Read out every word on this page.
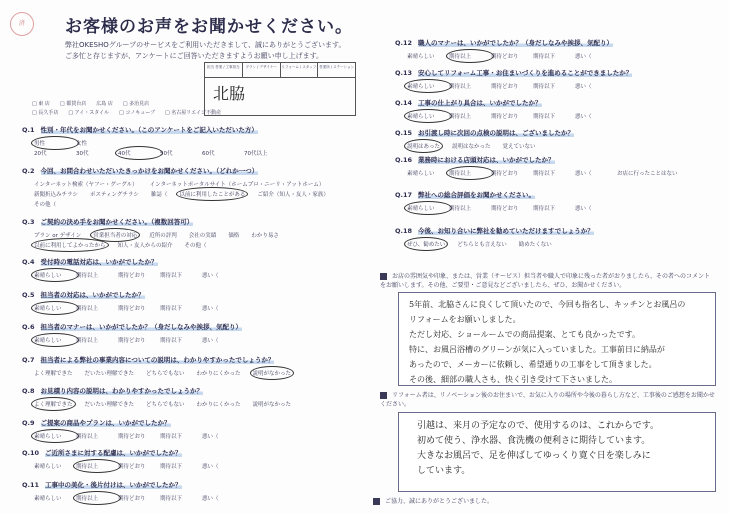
済	お客様のお声をお聞かせください。
弊社OKESHOグループのサービスをご利用いただきまして、誠にありがとうございます。
ご多忙と存じますが、アンケートにご回答いただきますようお願い申し上げます。
担当 営業 / 工事担当	プラン / デザイナー	リフォーム / スタッフ 営業所 / ステーション
北脇
□ 東 店 □ 都賀台店 広島 店 □ 多治見店
□ 長久手店 □ アイ・スタイル □ コノキューブ □ 名古屋リエイジ不動産
Q.1 性別・年代をお聞かせください。（このアンケートをご記入いただいた方）
男性	女性
20代	30代	40代	50代	60代	70代以上
Q.2 今回、お問合わせいただいたきっかけをお聞かせください。（どれか一つ）
インターネット検索（ヤフー・グーグル） インターネットポータルサイト（ホームプロ・ニーリ・アットホーム）
新聞折込みチラシ ポスティングチラシ 雑誌（ 以前に利用したことがある ご紹介（知人・友人・家族）
その他（
Q.3 ご契約の決め手をお聞かせください。（複数回答可）
プラン or デザイン 営業担当者の対応 近所の評判 会社の実績 価格 わかり易さ
以前に利用してよかったから 知人・友人からの紹介 その他（
Q.4 受付時の電話対応は、いかがでしたか？
素晴らしい	期待以上	期待どおり	期待以下	悪い（
Q.5 担当者の対応は、いかがでしたか？
素晴らしい	期待以上	期待どおり	期待以下	悪い（
Q.6 担当者のマナーは、いかがでしたか？（身だしなみや挨拶、気配り）
素晴らしい	期待以上	期待どおり	期待以下	悪い（
Q.7 担当者による弊社の事業内容についての説明は、わかりやすかったでしょうか？
よく理解できた だいたい理解できた どちらでもない わかりにくかった 説明がなかった
Q.8 お見積り内容の説明は、わかりやすかったでしょうか？
よく理解できた だいたい理解できた どちらでもない わかりにくかった 説明がなかった
Q.9 ご提案の商品やプランは、いかがでしたか？
素晴らしい	期待以上	期待どおり	期待以下	悪い（
Q.10 ご近所さまに対する配慮は、いかがでしたか？
素晴らしい	期待以上	期待どおり	期待以下	悪い（
Q.11 工事中の美化・後片付けは、いかがでしたか？
素晴らしい	期待以上	期待どおり	期待以下	悪い（
Q.12 職人のマナーは、いかがでしたか？（身だしなみや挨拶、気配り）
素晴らしい	期待以上	期待どおり	期待以下	悪い（
Q.13 安心してリフォーム工事・お住まいづくりを進めることができましたか？
素晴らしい	期待以上	期待どおり	期待以下	悪い（
Q.14 工事の仕上がり具合は、いかがでしたか？
素晴らしい	期待以上	期待どおり	期待以下	悪い（
Q.15 お引渡し時に次回の点検の説明は、ございましたか？
説明はあった 説明はなかった 覚えていない
Q.16 業務時における店頭対応は、いかがでしたか？
素晴らしい	期待以上	期待どおり	期待以下	悪い（	お店に行ったことはない
Q.17 弊社への総合評価をお聞かせください。
素晴らしい	期待以上	期待どおり	期待以下	悪い（
Q.18 今後、お知り合いに弊社を勧めていただけますでしょうか？
ぜひ、勧めたい どちらとも言えない 勧めたくない
お店の雰囲気や印象、または、営業（サービス）担当者や職人で印象に残った者がおりましたら、その者へのコメントをお願いします。その他、ご要望・ご意見などございましたら、ぜひ、お聞かせください。
5年前、北脇さんに良くして頂いたので、今回も指名し、キッチンとお風呂の
リフォームをお願いしました。
ただし対応、ショールームでの商品提案、とても良かったです。
特に、お風呂浴槽のグリーンが気に入っていました。工事前日に納品が
あったので、メーカーに依頼し、希望通りの工事をして頂きました。
その後、細部の職人さも、快く引き受けて下さいました。
リフォーム者は、リノベーション後のお住まいで、お気に入りの場所や今後の暮らし方など、工事後のご感想をお聞かせください。
引越は、来月の予定なので、使用するのは、これからです。
初めて使う、浄水器、食洗機の便利さに期待しています。
大きなお風呂で、足を伸ばしてゆっくり寛ぐ日を楽しみに
しています。
ご協力、誠にありがとうございました。
